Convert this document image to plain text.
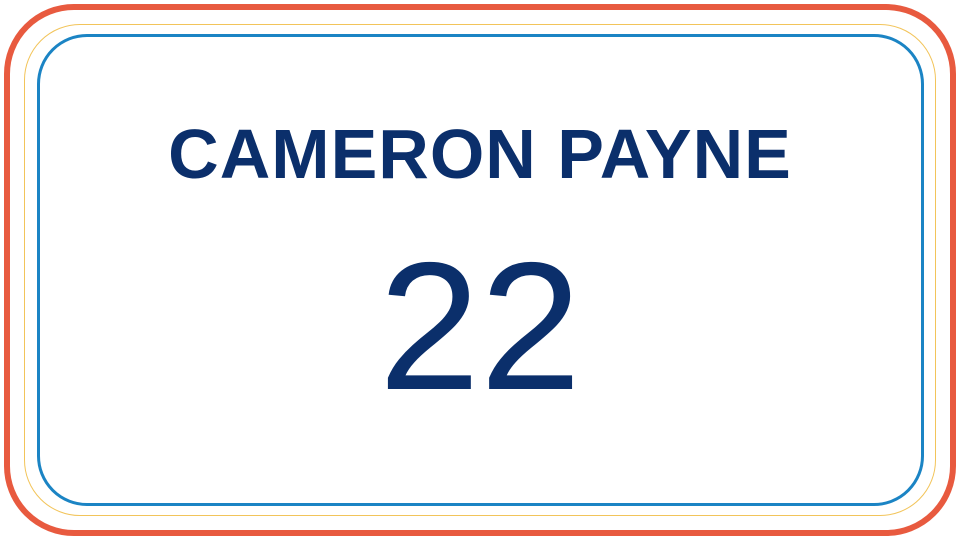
CAMERON PAYNE
22
